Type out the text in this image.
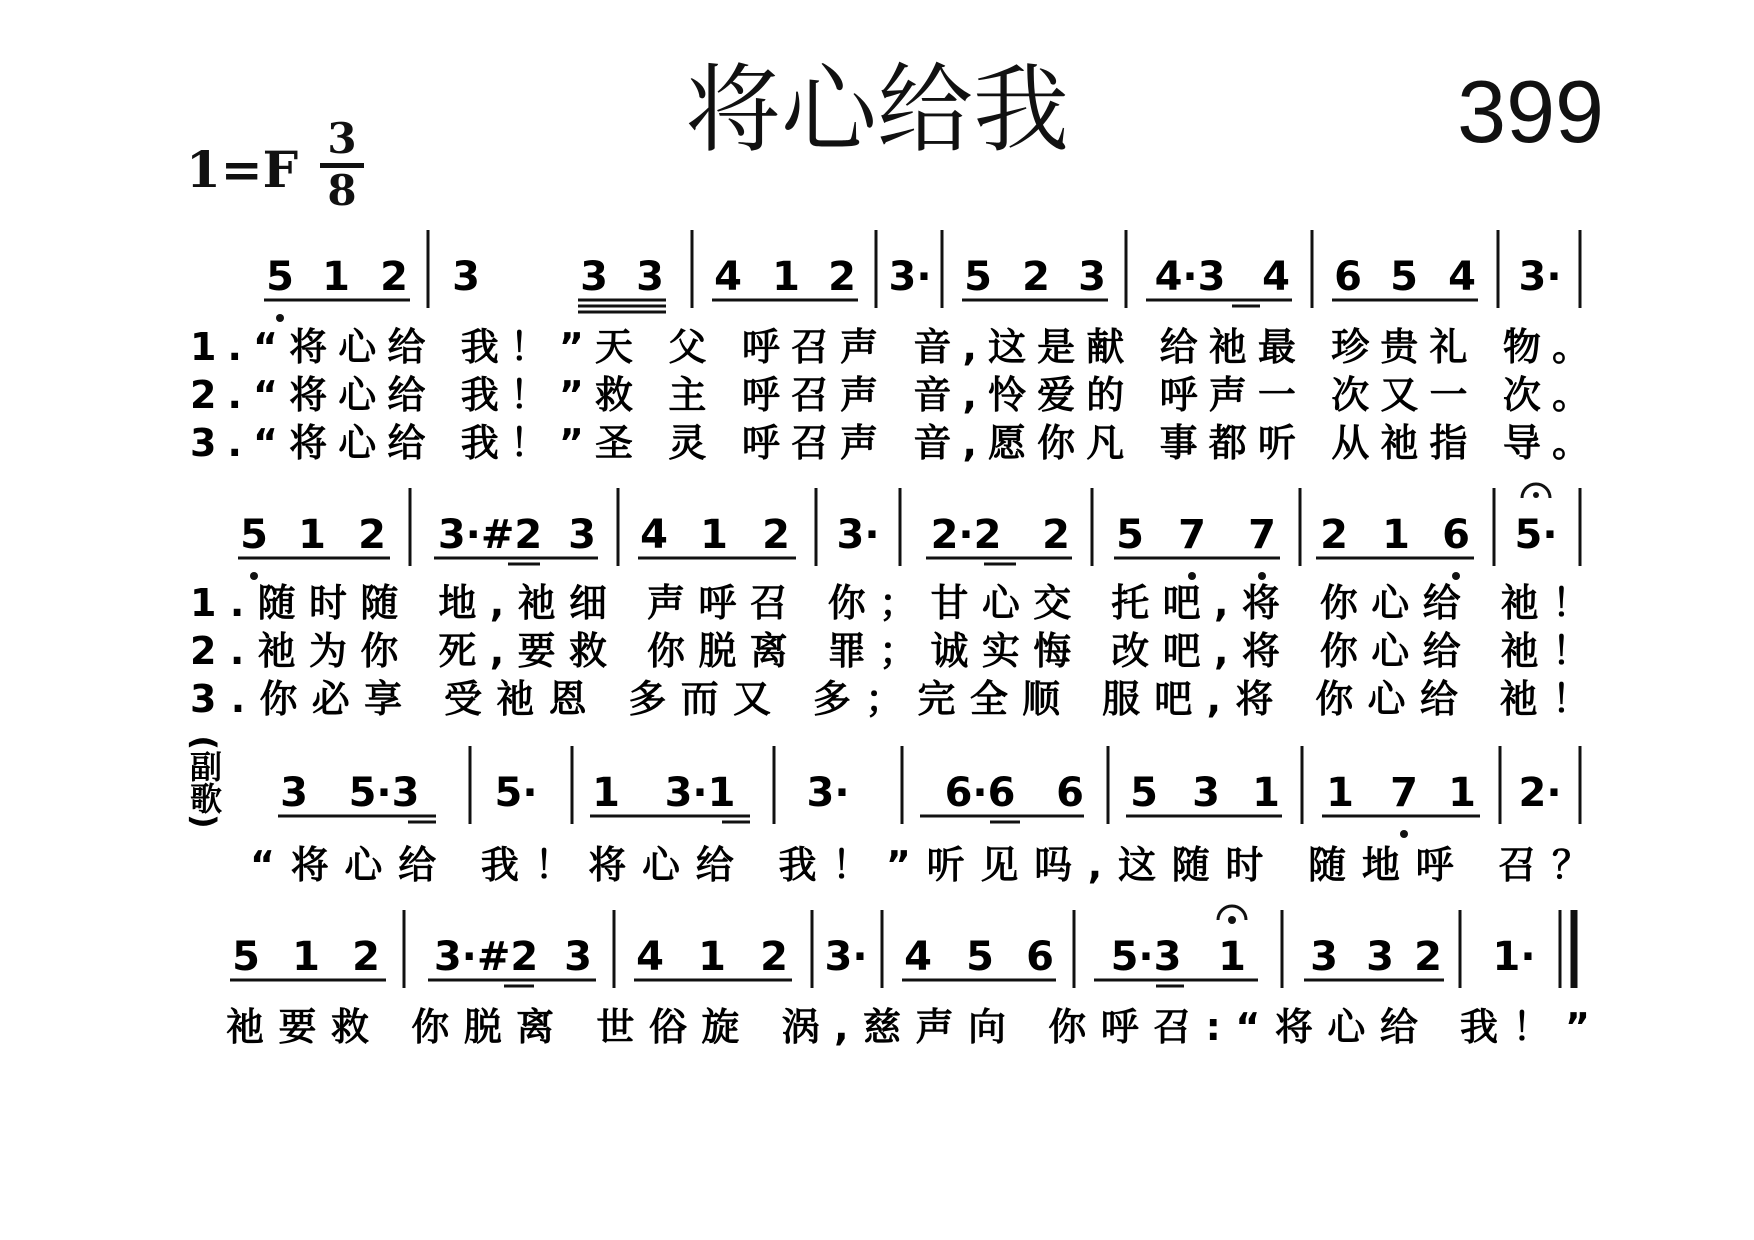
将心给我	399
$1=F \frac{3}{8}$
5 1 2 3	3 3 4 1 2 3· 5 2 3 4·3 4 6 5 4 3·
1.“将心给 我！”天 父 呼召声 音,这是献 给祂最 珍贵礼 物。
2.“将心给 我！”救 主 呼召声 音,怜爱的 呼声一 次又一 次。
3.“将心给 我！”圣 灵 呼召声 音,愿你凡 事都听 从祂指 导。
5 1 2 3·#2 3 4 1 2 3· 2·2 2 5 7 7 2 1 6 5·
1.随时随 地,祂细 声呼召 你；甘心交 托吧,将 你心给 祂！
2.祂为你 死,要救 你脱离 罪；诚实悔 改吧,将 你心给 祂！
3.你必享 受祂恩 多而又 多；完全顺 服吧,将 你心给 祂！
(副歌) 3 5·3 5· 1 3·1 3· 6·6 6 5 3 1 1 7 1 2·
“将心给 我！将心给 我！”听见吗,这随时 随地呼 召？
5 1 2 3·#2 3 4 1 2 3· 4 5 6 5·3 1 3 3 2 1·
祂要救 你脱离 世俗旋 涡,慈声向 你呼召:“将心给 我！”
